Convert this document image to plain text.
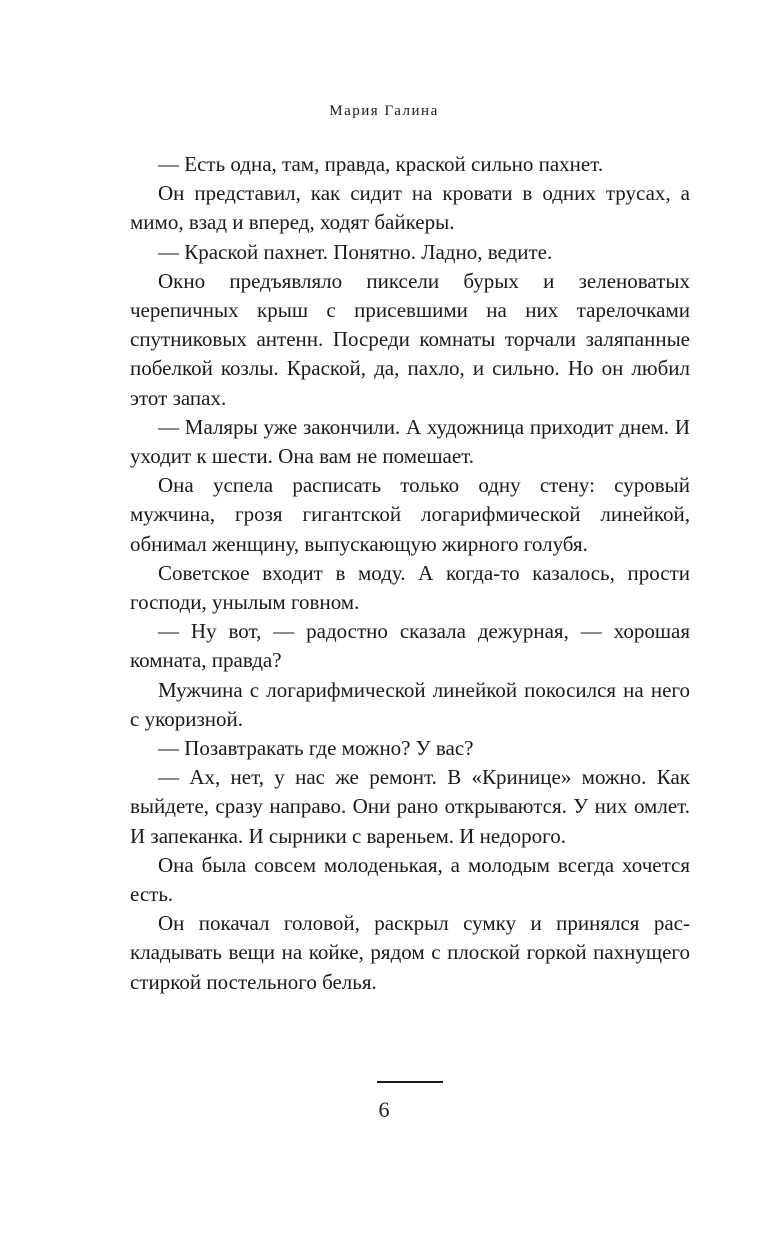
Мария Галина

— Есть одна, там, правда, краской сильно пахнет.

Он представил, как сидит на кровати в одних трусах, а мимо, взад и вперед, ходят байкеры.

— Краской пахнет. Понятно. Ладно, ведите.

Окно предъявляло пиксели бурых и зеленоватых черепичных крыш с присевшими на них тарелочками спутниковых антенн. Посреди комнаты торчали заляпанные побелкой козлы. Краской, да, пахло, и сильно. Но он любил этот запах.

— Маляры уже закончили. А художница приходит днем. И уходит к шести. Она вам не помешает.

Она успела расписать только одну стену: суровый мужчина, грозя гигантской логарифмической линейкой, обнимал женщину, выпускающую жирного голубя.

Советское входит в моду. А когда-то казалось, прости господи, унылым говном.

— Ну вот, — радостно сказала дежурная, — хорошая комната, правда?

Мужчина с логарифмической линейкой покосился на него с укоризной.

— Позавтракать где можно? У вас?

— Ах, нет, у нас же ремонт. В «Кринице» можно. Как выйдете, сразу направо. Они рано открываются. У них омлет. И запеканка. И сырники с вареньем. И недорого.

Она была совсем молоденькая, а молодым всегда хочется есть.

Он покачал головой, раскрыл сумку и принялся раскладывать вещи на койке, рядом с плоской горкой пахнущего стиркой постельного белья.

6
